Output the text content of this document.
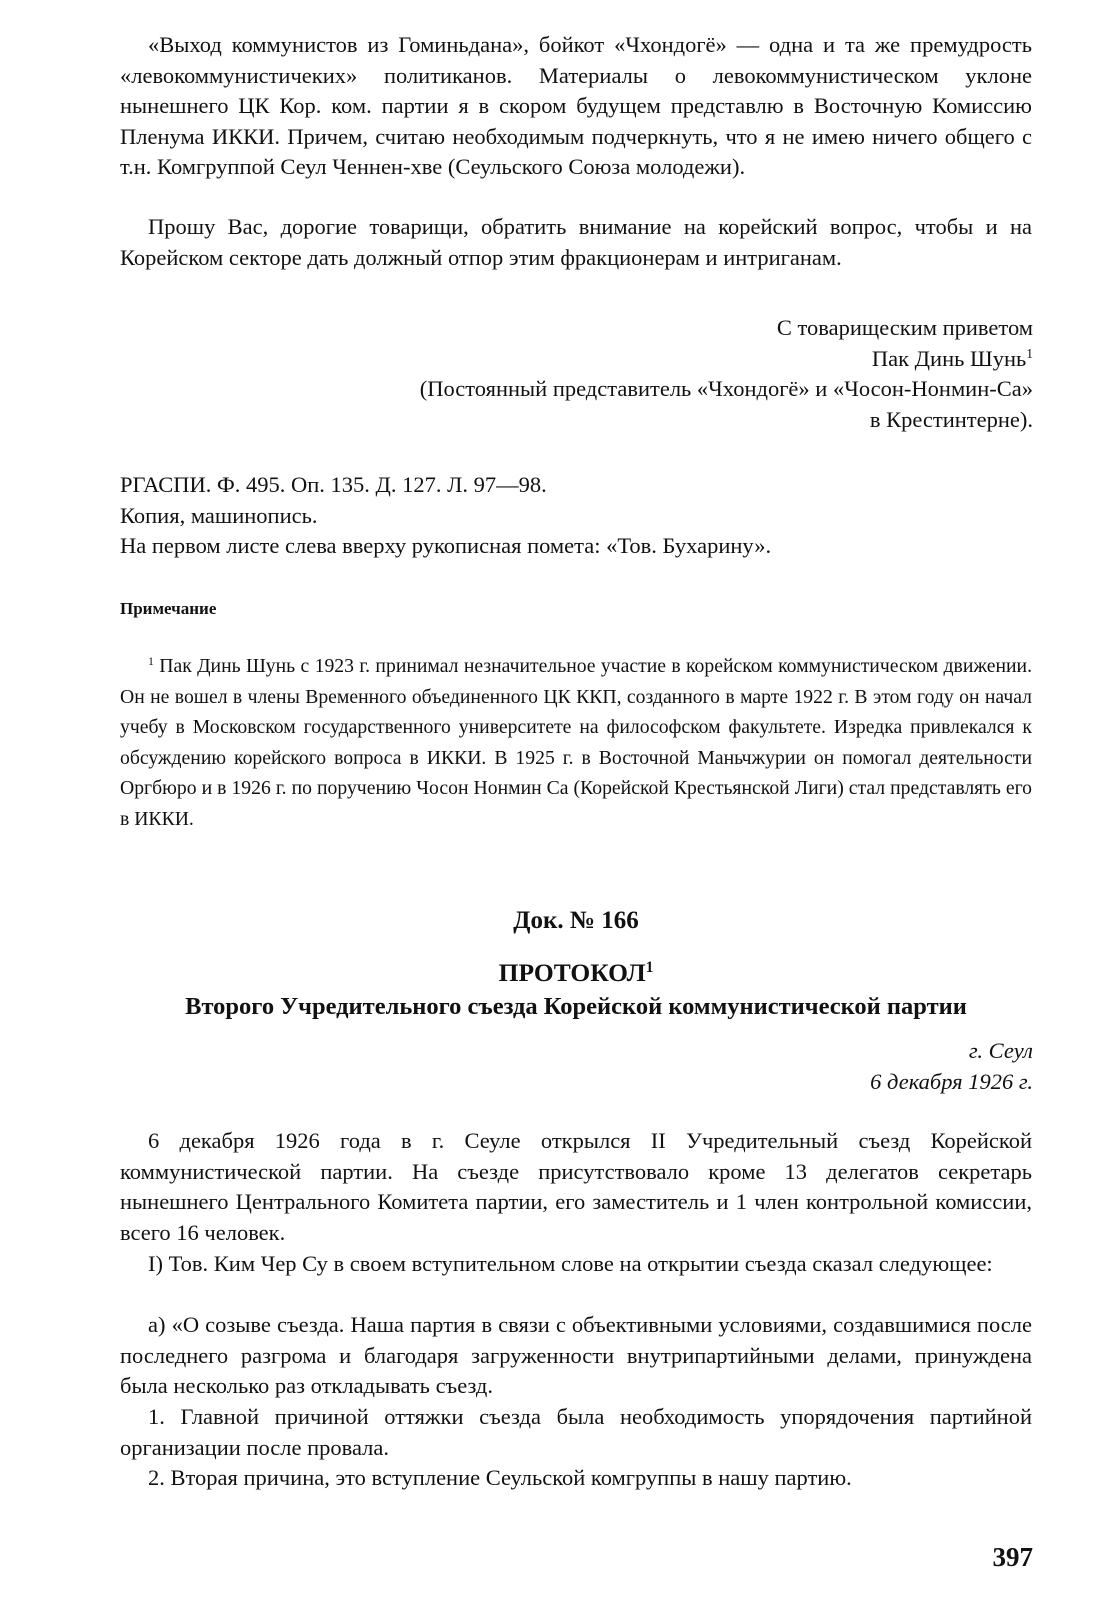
«Выход коммунистов из Гоминьдана», бойкот «Чхондогё» — одна и та же премудрость «левокоммунистичеких» политиканов. Материалы о левокоммунистическом уклоне нынешнего ЦК Кор. ком. партии я в скором будущем представлю в Восточную Комиссию Пленума ИККИ. Причем, считаю необходимым подчеркнуть, что я не имею ничего общего с т.н. Комгруппой Сеул Ченнен-хве (Сеульского Союза молодежи).

Прошу Вас, дорогие товарищи, обратить внимание на корейский вопрос, чтобы и на Корейском секторе дать должный отпор этим фракционерам и интриганам.

С товарищеским приветом
Пак Динь Шунь$^1$
(Постоянный представитель «Чхондогё» и «Чосон-Нонмин-Са»
в Крестинтерне).
РГАСПИ. Ф. 495. Оп. 135. Д. 127. Л. 97—98.
Копия, машинопись.
На первом листе слева вверху рукописная помета: «Тов. Бухарину».
Примечание

$^1$ Пак Динь Шунь с 1923 г. принимал незначительное участие в корейском коммунистическом движении. Он не вошел в члены Временного объединенного ЦК ККП, созданного в марте 1922 г. В этом году он начал учебу в Московском государственного университете на философском факультете. Изредка привлекался к обсуждению корейского вопроса в ИККИ. В 1925 г. в Восточной Маньчжурии он помогал деятельности Оргбюро и в 1926 г. по поручению Чосон Нонмин Са (Корейской Крестьянской Лиги) стал представлять его в ИККИ.

Док. № 166
ПРОТОКОЛ$^1$
Второго Учредительного съезда Корейской коммунистической партии
г. Сеул
6 декабря 1926 г.

6 декабря 1926 года в г. Сеуле открылся II Учредительный съезд Корейской коммунистической партии. На съезде присутствовало кроме 13 делегатов секретарь нынешнего Центрального Комитета партии, его заместитель и 1 член контрольной комиссии, всего 16 человек.

I) Тов. Ким Чер Су в своем вступительном слове на открытии съезда сказал следующее:

а) «О созыве съезда. Наша партия в связи с объективными условиями, создавшимися после последнего разгрома и благодаря загруженности внутрипартийными делами, принуждена была несколько раз откладывать съезд.

1. Главной причиной оттяжки съезда была необходимость упорядочения партийной организации после провала.

2. Вторая причина, это вступление Сеульской комгруппы в нашу партию.

397
